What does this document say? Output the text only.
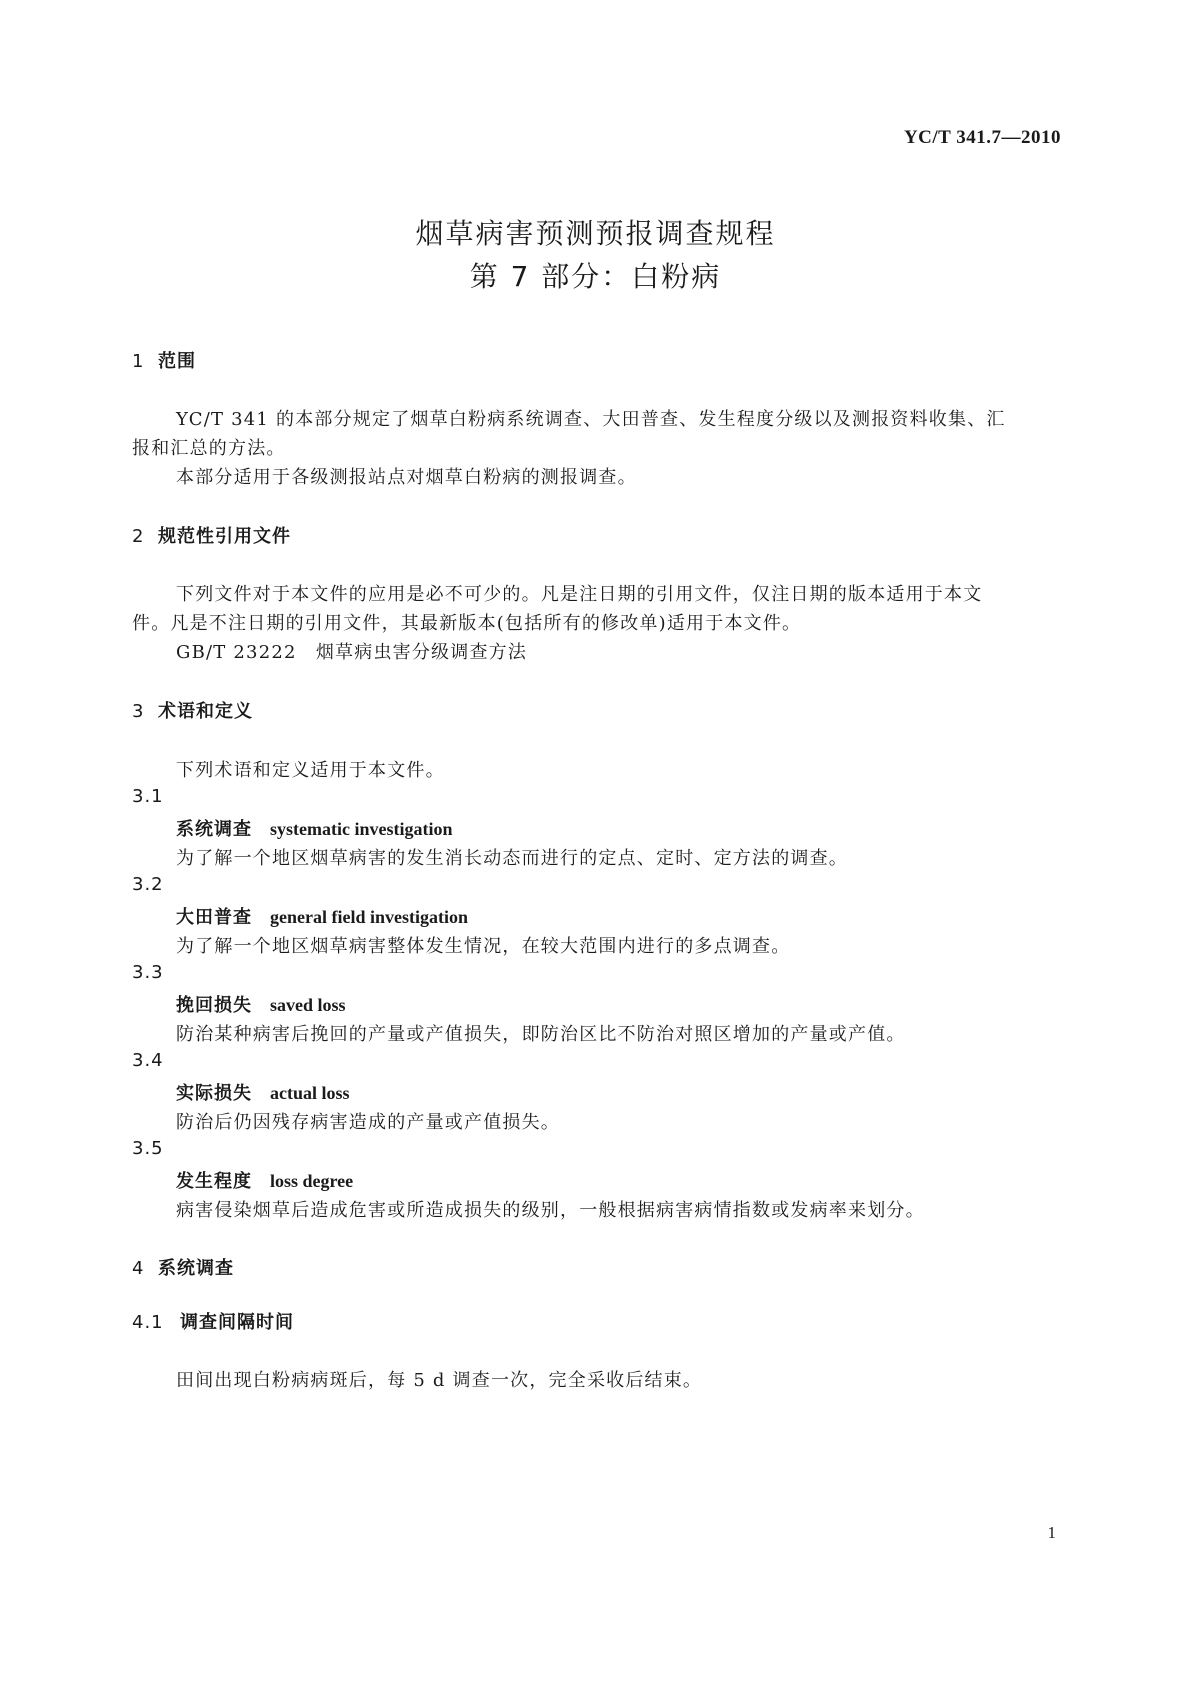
YC/T 341.7—2010
烟草病害预测预报调查规程
第 7 部分：白粉病
1 范围
YC/T 341 的本部分规定了烟草白粉病系统调查、大田普查、发生程度分级以及测报资料收集、汇
报和汇总的方法。
本部分适用于各级测报站点对烟草白粉病的测报调查。
2 规范性引用文件
下列文件对于本文件的应用是必不可少的。凡是注日期的引用文件，仅注日期的版本适用于本文
件。凡是不注日期的引用文件，其最新版本(包括所有的修改单)适用于本文件。
GB/T 23222　烟草病虫害分级调查方法
3 术语和定义
下列术语和定义适用于本文件。
3.1
系统调查 systematic investigation
为了解一个地区烟草病害的发生消长动态而进行的定点、定时、定方法的调查。
3.2
大田普查 general field investigation
为了解一个地区烟草病害整体发生情况，在较大范围内进行的多点调查。
3.3
挽回损失 saved loss
防治某种病害后挽回的产量或产值损失，即防治区比不防治对照区增加的产量或产值。
3.4
实际损失 actual loss
防治后仍因残存病害造成的产量或产值损失。
3.5
发生程度 loss degree
病害侵染烟草后造成危害或所造成损失的级别，一般根据病害病情指数或发病率来划分。
4 系统调查
4.1 调查间隔时间
田间出现白粉病病斑后，每 5 d 调查一次，完全采收后结束。
1
